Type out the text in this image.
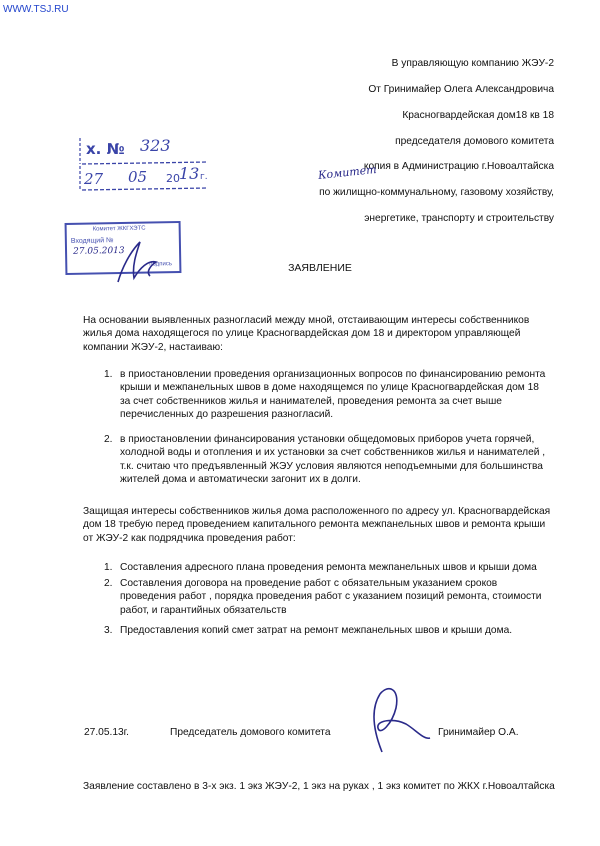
WWW.TSJ.RU
В управляющую компанию ЖЭУ-2
От Гринимайер Олега Александровича
Красногвардейская дом18 кв 18
председателя домового комитета
копия в Администрацию г.Новоалтайска
Комитет
по жилищно-коммунальному, газовому хозяйству,
энергетике, транспорту и строительству
х. № 323
27 05 20 13 г.
Комитет ЖКГХЭТС
Входящий №
27.05.2013
подпись	ЗАЯВЛЕНИЕ
На основании выявленных разногласий между мной, отстаивающим интересы собственников жилья дома находящегося по улице Красногвардейская дом 18 и директором управляющей компании ЖЭУ-2, настаиваю:
1. в приостановлении проведения организационных вопросов по финансированию ремонта крыши и межпанельных швов в доме находящемся по улице Красногвардейская дом 18 за счет собственников жилья и нанимателей, проведения ремонта за счет выше перечисленных до разрешения разногласий.
2. в приостановлении финансирования установки общедомовых приборов учета горячей, холодной воды и отопления и их установки за счет собственников жилья и нанимателей , т.к. считаю что предъявленный ЖЭУ условия являются неподъемными для большинства жителей дома и автоматически загонит их в долги.
Защищая интересы собственников жилья дома расположенного по адресу ул. Красногвардейская дом 18 требую перед проведением капитального ремонта межпанельных швов и ремонта крыши от ЖЭУ-2 как подрядчика проведения работ:
1. Составления адресного плана проведения ремонта межпанельных швов и крыши дома
2. Составления договора на проведение работ с обязательным указанием сроков проведения работ , порядка проведения работ с указанием позиций ремонта, стоимости работ, и гарантийных обязательств
3. Предоставления копий смет затрат на ремонт межпанельных швов и крыши дома.
27.05.13г.	Председатель домового комитета	Гринимайер О.А.
Заявление составлено в 3-х экз. 1 экз ЖЭУ-2, 1 экз на руках , 1 экз комитет по ЖКХ г.Новоалтайска
